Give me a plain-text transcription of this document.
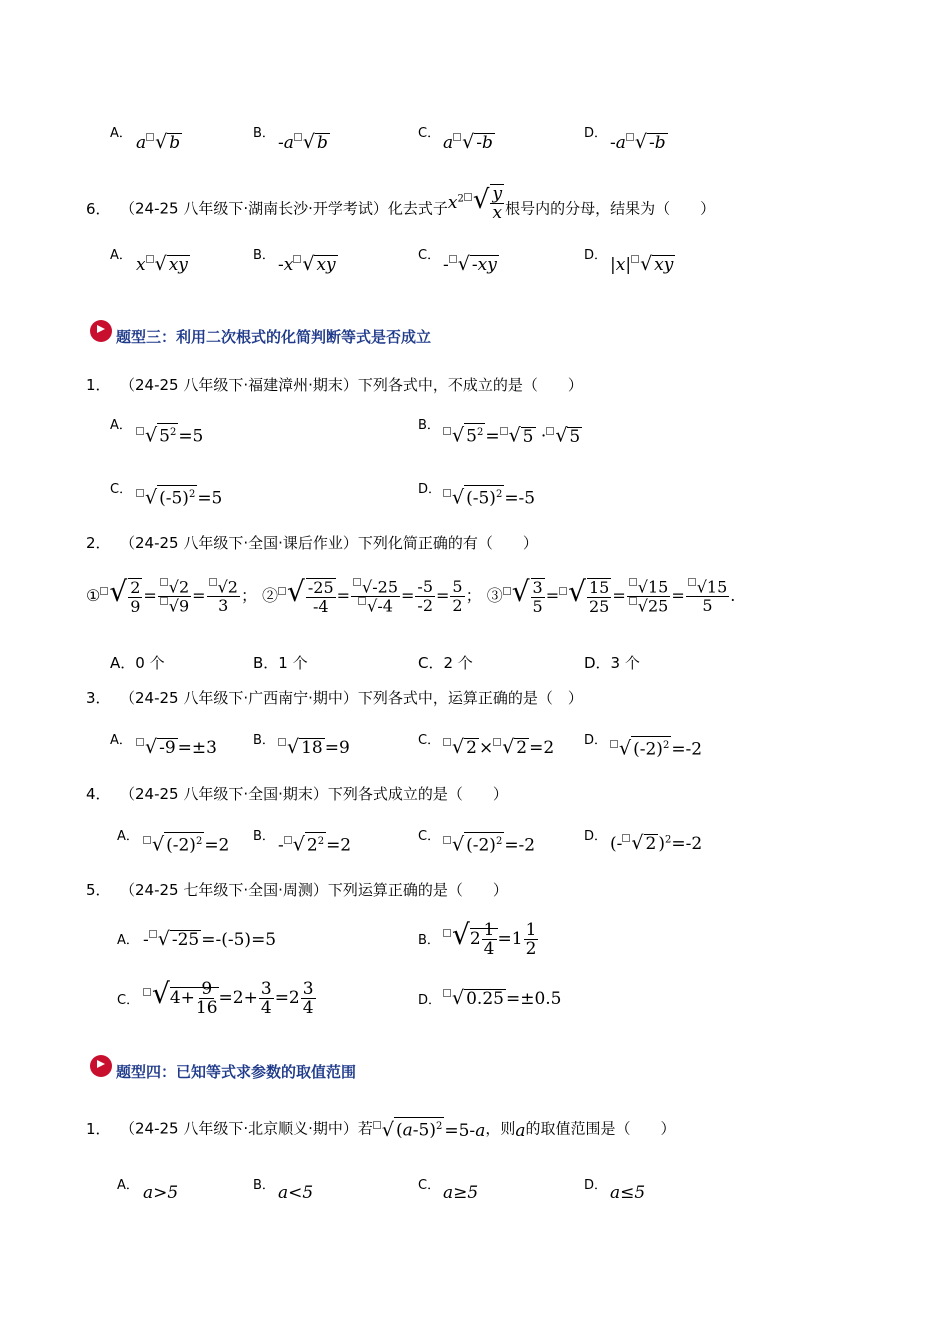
A． a √ b	B． -a √ b	C． a √ -b	D． -a √ -b
6． （24-25 八年级下·湖南长沙·开学考试）化去式子$x^2$ √ $\frac{y}{x}$ 根号内的分母，结果为（　　）
A． x √ xy	B． -x √ xy	C． - √ -xy	D． |x| √ xy
题型三：利用二次根式的化简判断等式是否成立
1． （24-25 八年级下·福建漳州·期末）下列各式中，不成立的是（　　）
A． √ $5^2 =5$
B． √ $5^2$ = √ 5 · √ 5
C． √ $(-5)^2 =5$	D． √ $(-5)^2 =-5$
2． （24-25 八年级下·全国·课后作业）下列化简正确的有（　　）
① √ $\frac{2}{9} = \frac{√2}{√9} = \frac{√2}{3}$ ； ② √ $\frac{-25}{-4} = \frac{√-25}{√-4} = \frac{-5}{-2} = \frac{5}{2}$ ； ③ √ $\frac{3}{5}$ = √ $\frac{15}{25} = \frac{√15}{√25} = \frac{√15}{5}$ .
A．0 个	B．1 个	C．2 个	D．3 个
3． （24-25 八年级下·广西南宁·期中）下列各式中，运算正确的是（　）
A． √ -9 =±3	B． √ 18 =9	C． √ 2 × √ 2 =2 D． √ $(-2)^2 =-2$
4． （24-25 八年级下·全国·期末）下列各式成立的是（　　）
A． √ $(-2)^2 =2$ B． - √ $2^2 =2$	C． √ $(-2)^2 =-2$	D． (- √ 2 )$^2$=-2
5． （24-25 七年级下·全国·周测）下列运算正确的是（　　）
A． - √ -25 =-(-5)=5	B． $√2 \frac{1}{4} =1 \frac{1}{2}$
C． $√4+ \frac{9}{16} =2+ \frac{3}{4} =2 \frac{3}{4}$	D． √ 0.25 =±0.5
题型四：已知等式求参数的取值范围
1． （24-25 八年级下·北京顺义·期中）若 √ $(a-5)^2 =5-a$，则a的取值范围是（　　）
A． a>5	B． a<5	C． a≥5	D． a≤5
